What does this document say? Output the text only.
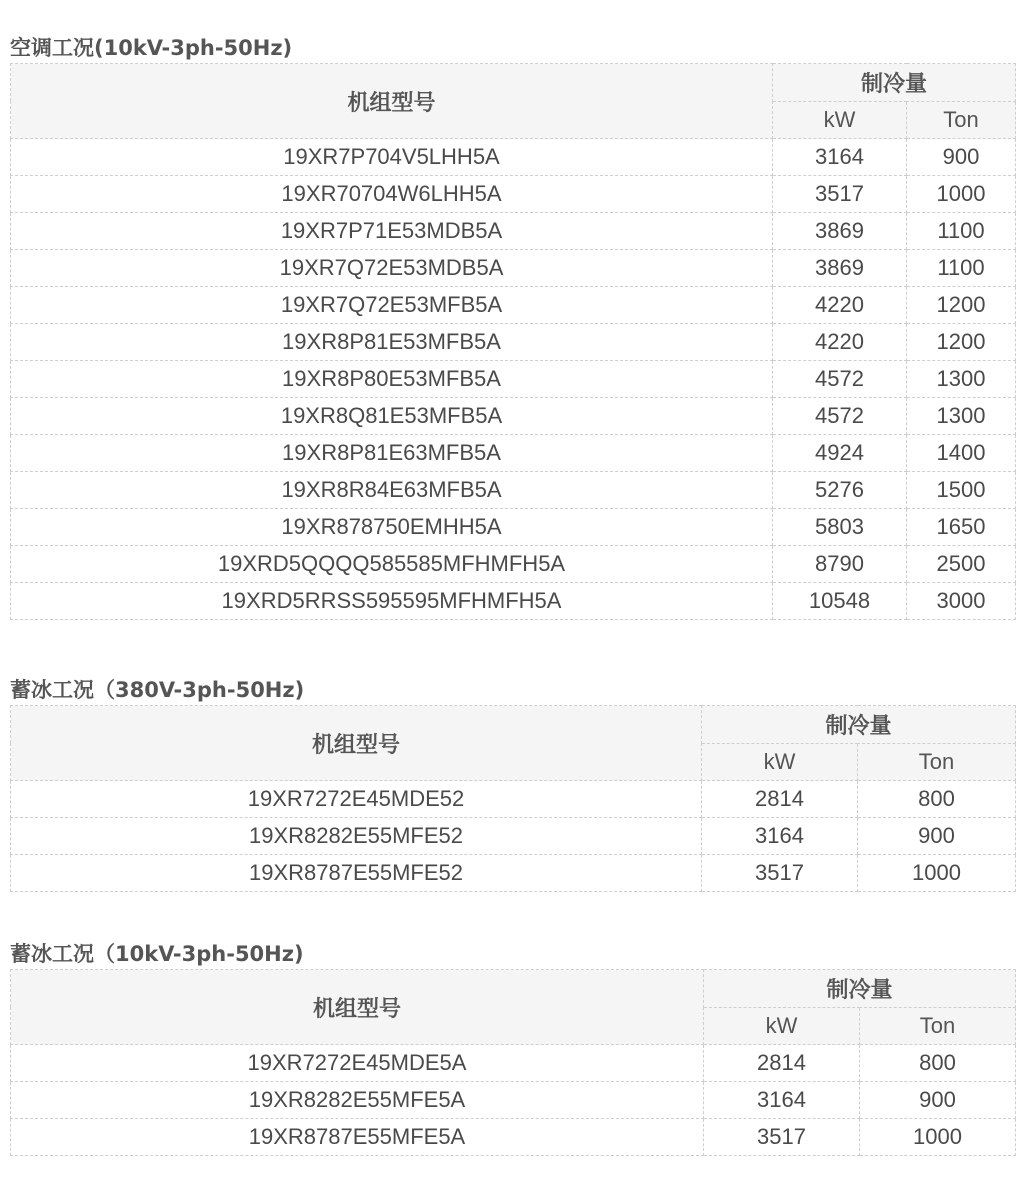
空调工况(10kV-3ph-50Hz)
机组型号	制冷量	
	kW	Ton
19XR7P704V5LHH5A	3164	900
19XR70704W6LHH5A	3517	1000
19XR7P71E53MDB5A	3869	1100
19XR7Q72E53MDB5A	3869	1100
19XR7Q72E53MFB5A	4220	1200
19XR8P81E53MFB5A	4220	1200
19XR8P80E53MFB5A	4572	1300
19XR8Q81E53MFB5A	4572	1300
19XR8P81E63MFB5A	4924	1400
19XR8R84E63MFB5A	5276	1500
19XR878750EMHH5A	5803	1650
19XRD5QQQQ585585MFHMFH5A	8790	2500
19XRD5RRSS595595MFHMFH5A	10548	3000
蓄冰工况（380V-3ph-50Hz)
机组型号	制冷量	
	kW	Ton
19XR7272E45MDE52	2814	800
19XR8282E55MFE52	3164	900
19XR8787E55MFE52	3517	1000
蓄冰工况（10kV-3ph-50Hz)
机组型号	制冷量	
	kW	Ton
19XR7272E45MDE5A	2814	800
19XR8282E55MFE5A	3164	900
19XR8787E55MFE5A	3517	1000
